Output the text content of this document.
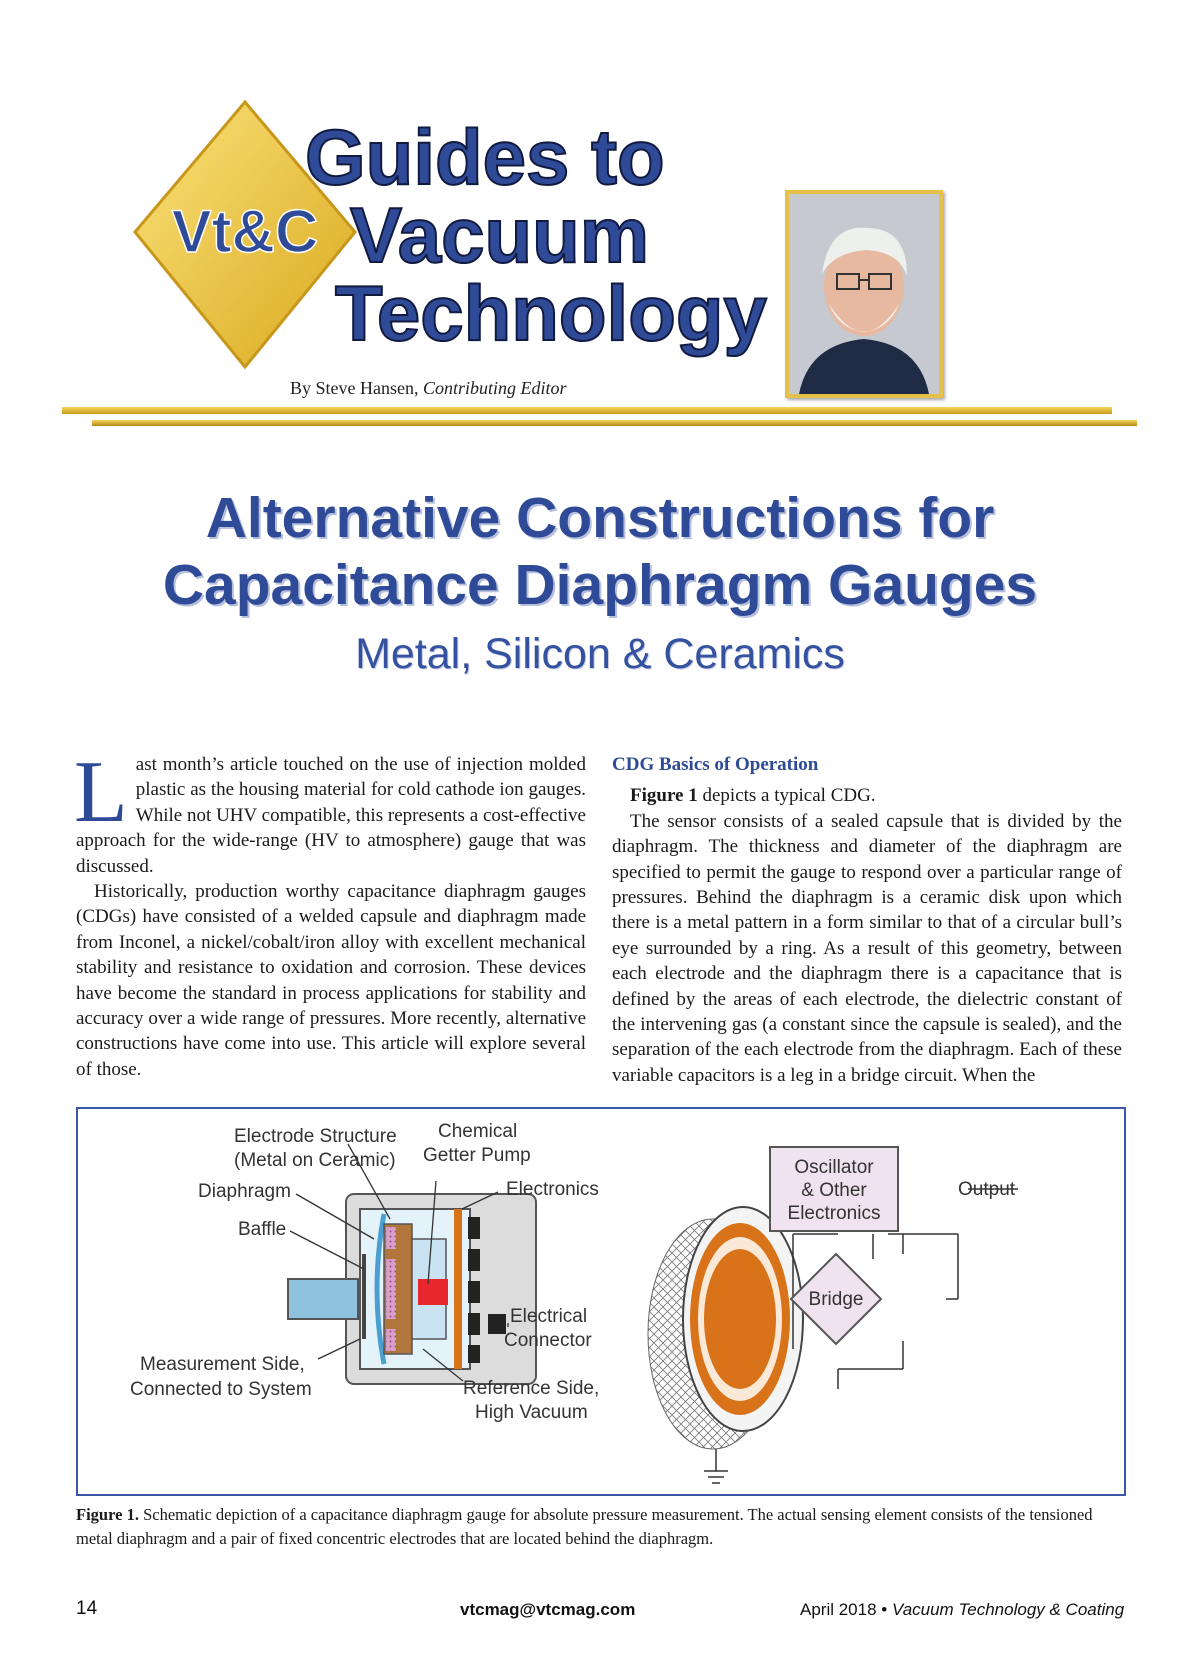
Vt&C
Guides to
Vacuum
Technology
By Steve Hansen, Contributing Editor
Alternative Constructions for
Capacitance Diaphragm Gauges
Metal, Silicon & Ceramics

Last month’s article touched on the use of injection molded plastic as the housing material for cold cathode ion gauges. While not UHV compatible, this represents a cost-effective approach for the wide-range (HV to atmosphere) gauge that was discussed.

Historically, production worthy capacitance diaphragm gauges (CDGs) have consisted of a welded capsule and diaphragm made from Inconel, a nickel/cobalt/iron alloy with excellent mechanical stability and resistance to oxidation and corrosion. These devices have become the standard in process applications for stability and accuracy over a wide range of pressures. More recently, alternative constructions have come into use. This article will explore several of those.

CDG Basics of Operation

Figure 1 depicts a typical CDG.

The sensor consists of a sealed capsule that is divided by the diaphragm. The thickness and diameter of the diaphragm are specified to permit the gauge to respond over a particular range of pressures. Behind the diaphragm is a ceramic disk upon which there is a metal pattern in a form similar to that of a circular bull’s eye surrounded by a ring. As a result of this geometry, between each electrode and the diaphragm there is a capacitance that is defined by the areas of each electrode, the dielectric constant of the intervening gas (a constant since the capsule is sealed), and the separation of the each electrode from the diaphragm. Each of these variable capacitors is a leg in a bridge circuit. When the

Electrode Structure
(Metal on Ceramic)
Chemical
Getter Pump
Diaphragm	Electronics
Baffle
Electrical
Connector
Measurement Side,
Connected to System	Reference Side,
High Vacuum
Oscillator
& Other
Electronics
Output
Bridge
Figure 1. Schematic depiction of a capacitance diaphragm gauge for absolute pressure measurement. The actual sensing element consists of the tensioned metal diaphragm and a pair of fixed concentric electrodes that are located behind the diaphragm.
14	vtcmag@vtcmag.com	April 2018 • Vacuum Technology & Coating
